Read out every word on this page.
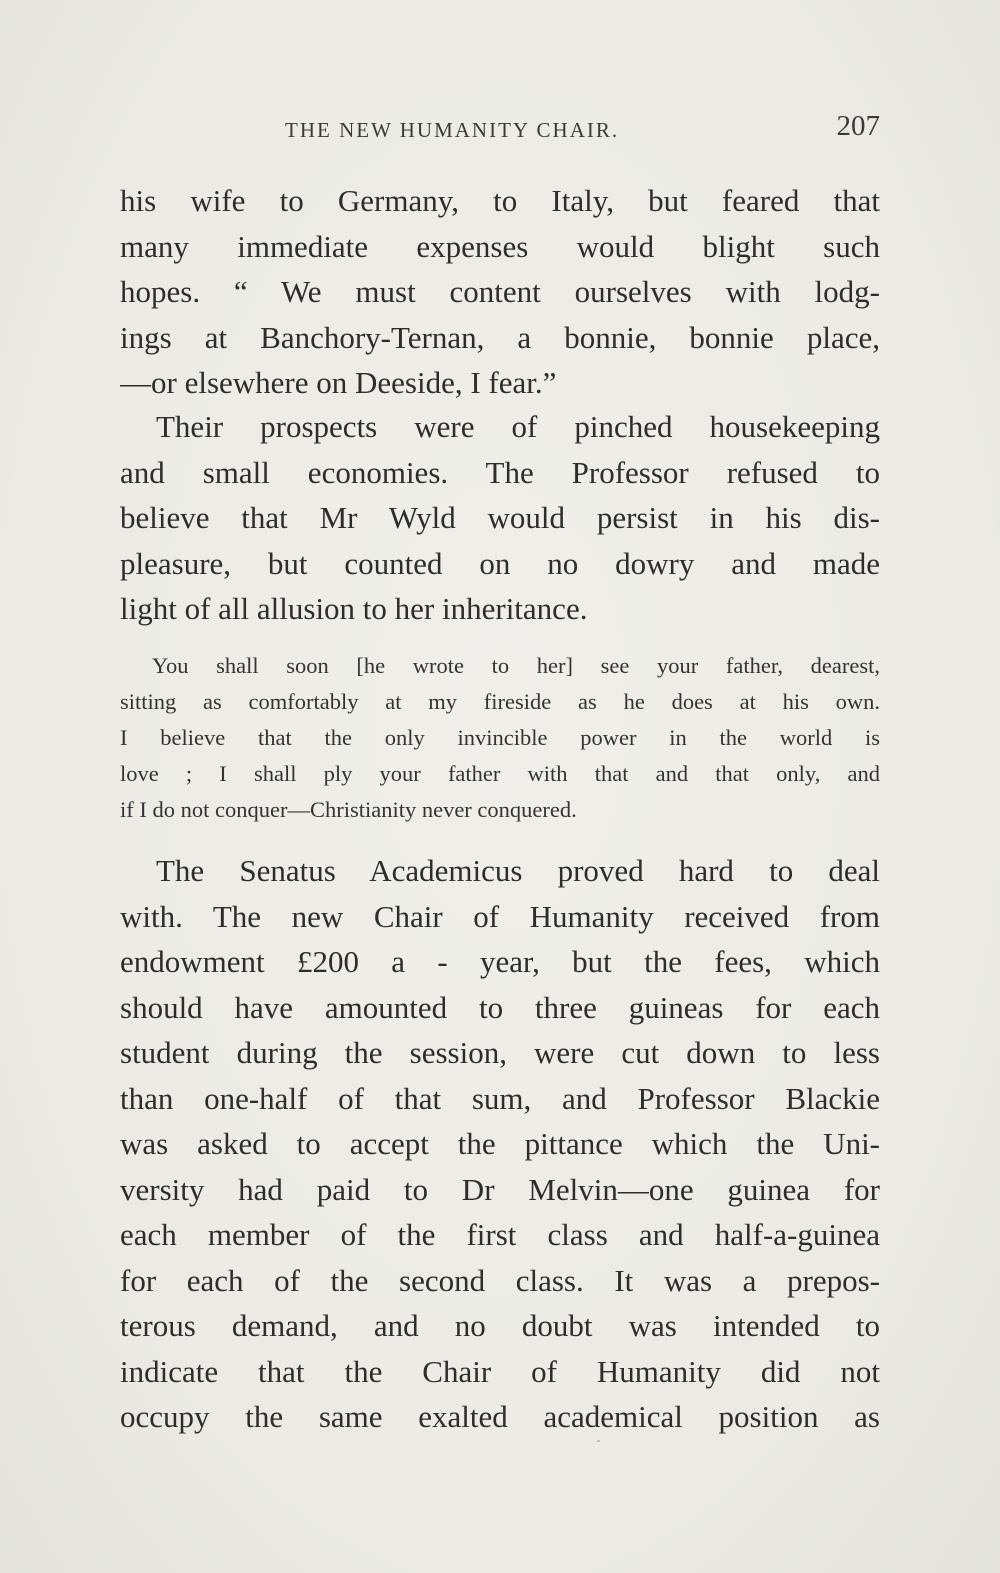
THE NEW HUMANITY CHAIR.	207
his wife to Germany, to Italy, but feared that
many immediate expenses would blight such
hopes. “ We must content ourselves with lodg-
ings at Banchory-Ternan, a bonnie, bonnie place,
—or elsewhere on Deeside, I fear.”
Their prospects were of pinched housekeeping
and small economies. The Professor refused to
believe that Mr Wyld would persist in his dis-
pleasure, but counted on no dowry and made
light of all allusion to her inheritance.
You shall soon [he wrote to her] see your father, dearest,
sitting as comfortably at my fireside as he does at his own.
I believe that the only invincible power in the world is
love ; I shall ply your father with that and that only, and
if I do not conquer—Christianity never conquered.
The Senatus Academicus proved hard to deal
with. The new Chair of Humanity received from
endowment £200 a - year, but the fees, which
should have amounted to three guineas for each
student during the session, were cut down to less
than one-half of that sum, and Professor Blackie
was asked to accept the pittance which the Uni-
versity had paid to Dr Melvin—one guinea for
each member of the first class and half-a-guinea
for each of the second class. It was a prepos-
terous demand, and no doubt was intended to
indicate that the Chair of Humanity did not
occupy the same exalted academical position as
